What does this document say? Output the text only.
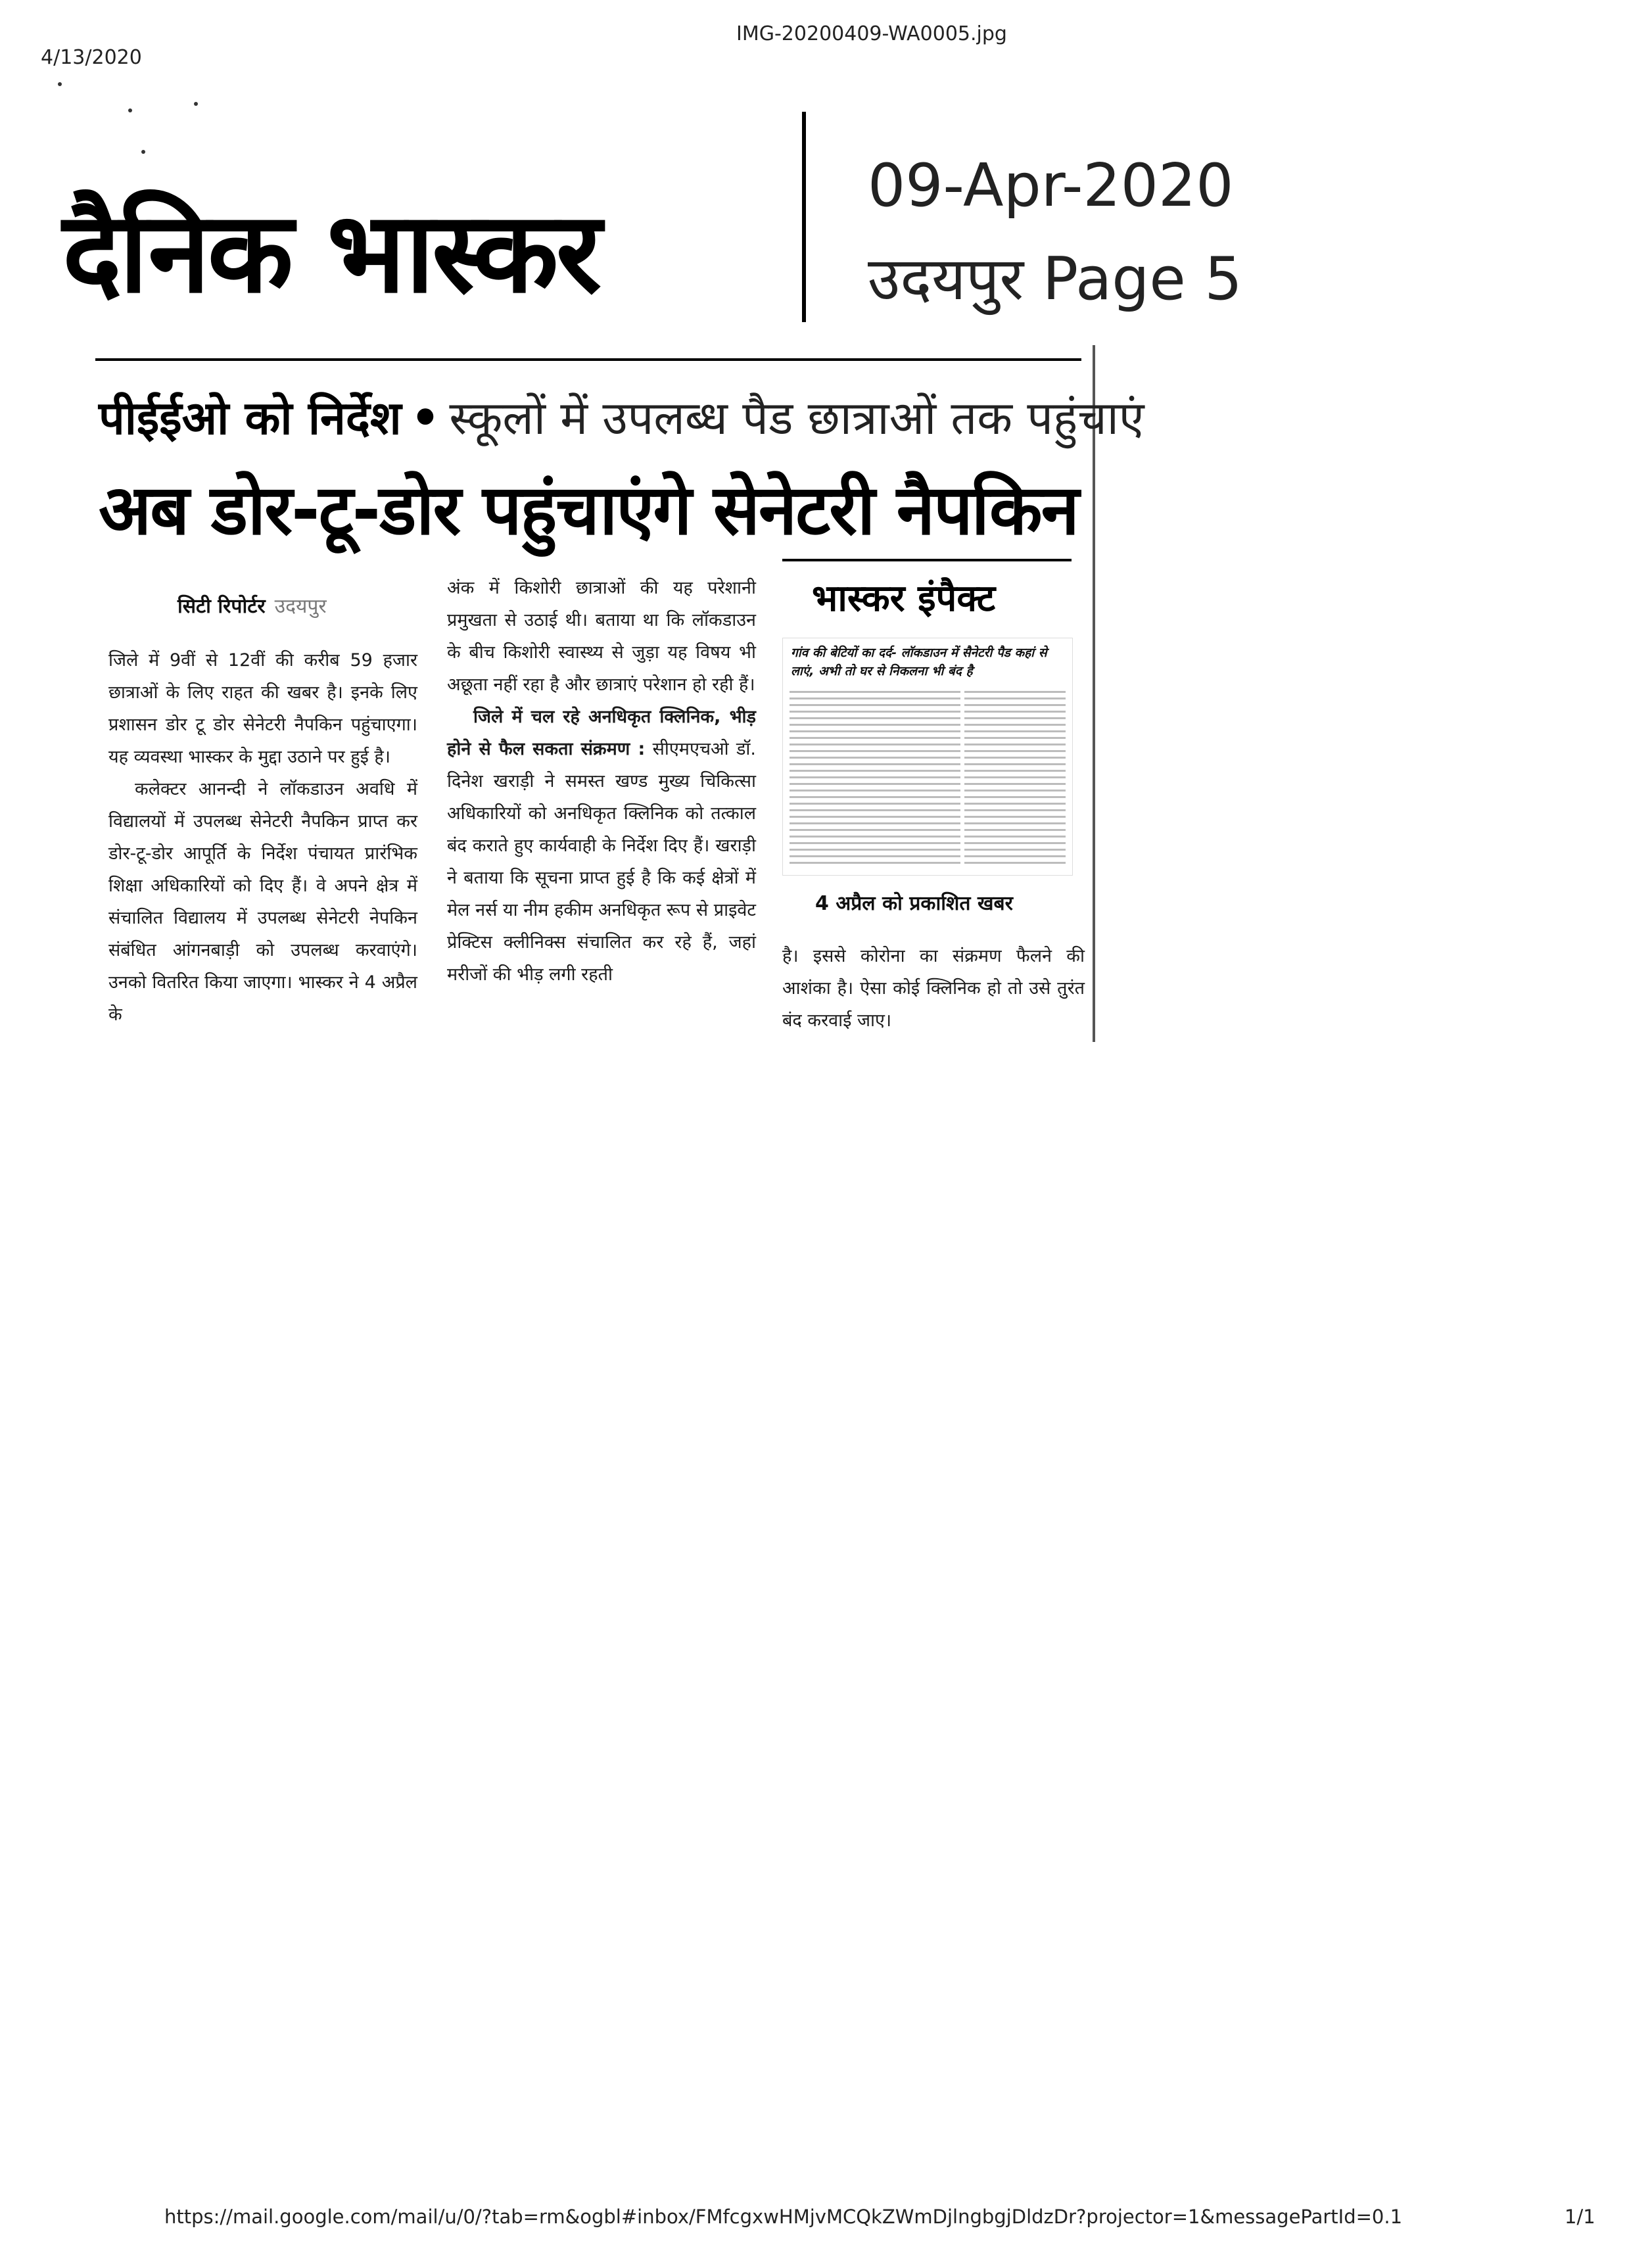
4/13/2020
IMG-20200409-WA0005.jpg
दैनिक भास्कर
09-Apr-2020
उदयपुर Page 5
पीईईओ को निर्देश • स्कूलों में उपलब्ध पैड छात्राओं तक पहुंचाएं
अब डोर-टू-डोर पहुंचाएंगे सेनेटरी नैपकिन
सिटी रिपोर्टर उदयपुर

जिले में 9वीं से 12वीं की करीब 59 हजार छात्राओं के लिए राहत की खबर है। इनके लिए प्रशासन डोर टू डोर सेनेटरी नैपकिन पहुंचाएगा। यह व्यवस्था भास्कर के मुद्दा उठाने पर हुई है।

कलेक्टर आनन्दी ने लॉकडाउन अवधि में विद्यालयों में उपलब्ध सेनेटरी नैपकिन प्राप्त कर डोर-टू-डोर आपूर्ति के निर्देश पंचायत प्रारंभिक शिक्षा अधिकारियों को दिए हैं। वे अपने क्षेत्र में संचालित विद्यालय में उपलब्ध सेनेटरी नेपकिन संबंधित आंगनबाड़ी को उपलब्ध करवाएंगे। उनको वितरित किया जाएगा। भास्कर ने 4 अप्रैल के

अंक में किशोरी छात्राओं की यह परेशानी प्रमुखता से उठाई थी। बताया था कि लॉकडाउन के बीच किशोरी स्वास्थ्य से जुड़ा यह विषय भी अछूता नहीं रहा है और छात्राएं परेशान हो रही हैं।

जिले में चल रहे अनधिकृत क्लिनिक, भीड़ होने से फैल सकता संक्रमण : सीएमएचओ डॉ. दिनेश खराड़ी ने समस्त खण्ड मुख्य चिकित्सा अधिकारियों को अनधिकृत क्लिनिक को तत्काल बंद कराते हुए कार्यवाही के निर्देश दिए हैं। खराड़ी ने बताया कि सूचना प्राप्त हुई है कि कई क्षेत्रों में मेल नर्स या नीम हकीम अनधिकृत रूप से प्राइवेट प्रेक्टिस क्लीनिक्स संचालित कर रहे हैं, जहां मरीजों की भीड़ लगी रहती

भास्कर इंपैक्ट
गांव की बेटियों का दर्द- लॉकडाउन में सैनेटरी पैड कहां से लाएं, अभी तो घर से निकलना भी बंद है
4 अप्रैल को प्रकाशित खबर

है। इससे कोरोना का संक्रमण फैलने की आशंका है। ऐसा कोई क्लिनिक हो तो उसे तुरंत बंद करवाई जाए।

https://mail.google.com/mail/u/0/?tab=rm&ogbl#inbox/FMfcgxwHMjvMCQkZWmDjlngbgjDldzDr?projector=1&messagePartId=0.1	1/1
